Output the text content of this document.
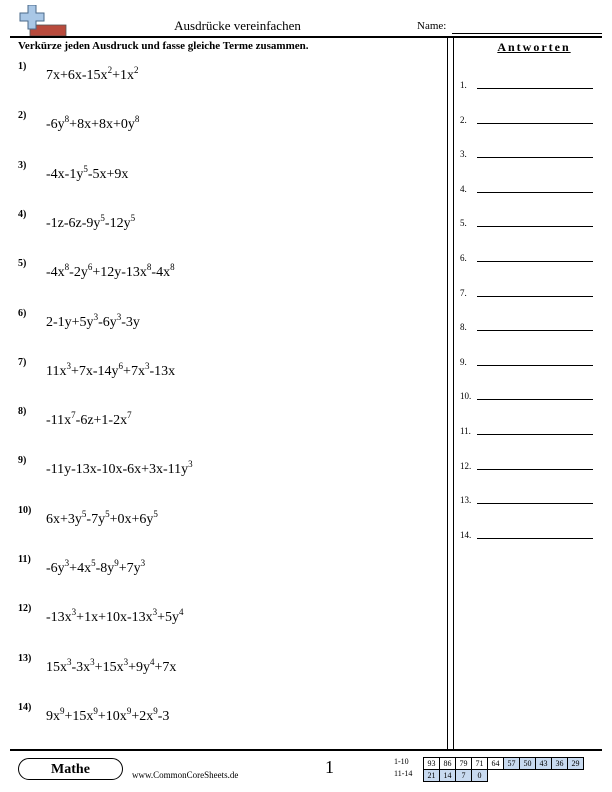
Ausdrücke vereinfachen	Name:
Verkürze jeden Ausdruck und fasse gleiche Terme zusammen.	Antworten
1)
$7x+6x-15x^2+1x^2$
2)
$-6y^8+8x+8x+0y^8$
3)
$-4x-1y^5-5x+9x$
4)
$-1z-6z-9y^5-12y^5$
5)
$-4x^8-2y^6+12y-13x^8-4x^8$
6)
$2-1y+5y^3-6y^3-3y$
7)
$11x^3+7x-14y^6+7x^3-13x$
8)
$-11x^7-6z+1-2x^7$
9)
$-11y-13x-10x-6x+3x-11y^3$
10)
$6x+3y^5-7y^5+0x+6y^5$
11)
$-6y^3+4x^5-8y^9+7y^3$
12)
$-13x^3+1x+10x-13x^3+5y^4$
13)
$15x^3-3x^3+15x^3+9y^4+7x$
14)
$9x^9+15x^9+10x^9+2x^9-3$
1.
2.
3.
4.
5.
6.
7.
8.
9.
10.
11.
12.
13.
14.
Mathe	www.CommonCoreSheets.de	1	1-10	93	86	79	71	64	57	50	43	36	29
11-14	21	14	7	0
